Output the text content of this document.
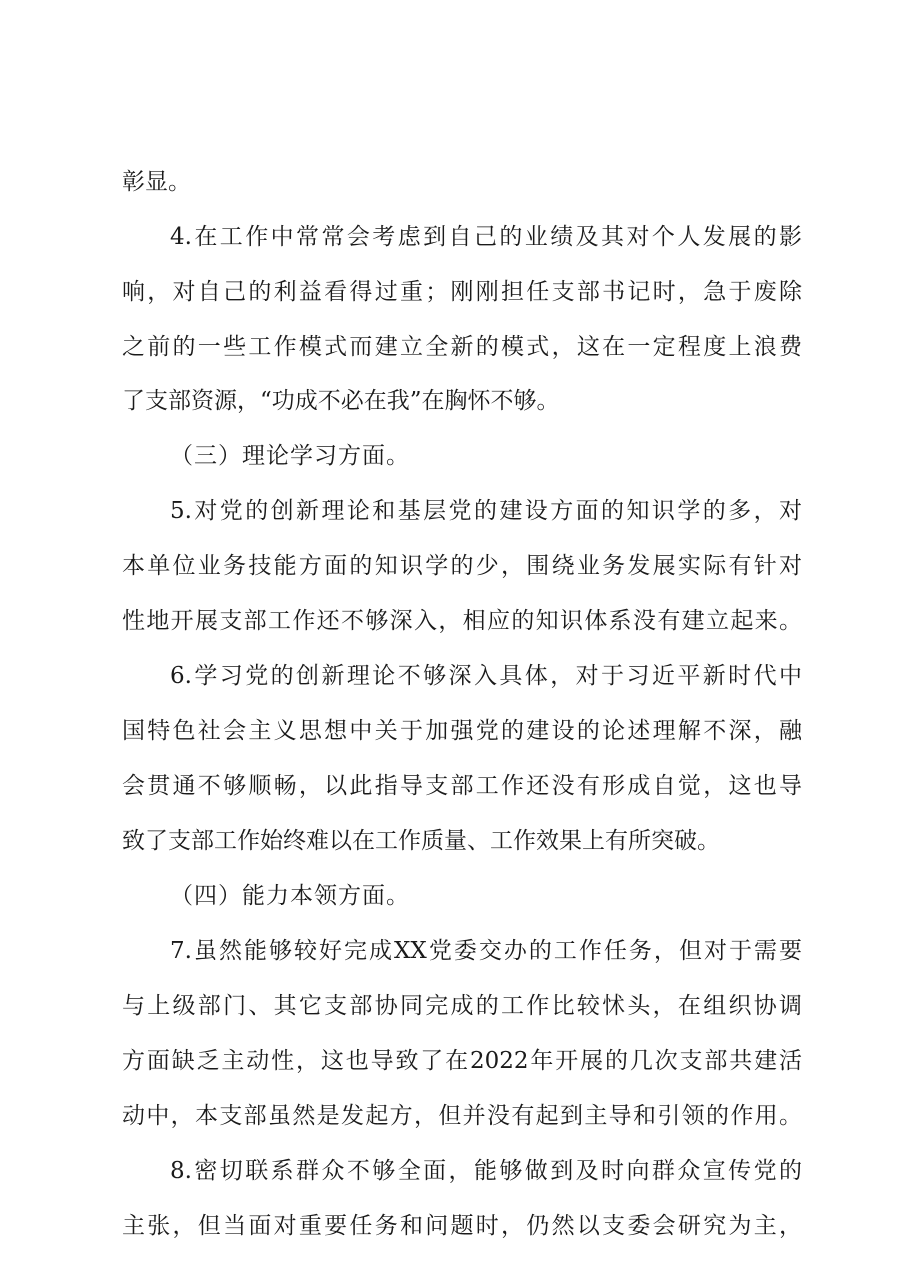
彰显。
4.在工作中常常会考虑到自己的业绩及其对个人发展的影
响，对自己的利益看得过重；刚刚担任支部书记时，急于废除
之前的一些工作模式而建立全新的模式，这在一定程度上浪费
了支部资源，“功成不必在我”在胸怀不够。
（三）理论学习方面。
5.对党的创新理论和基层党的建设方面的知识学的多，对
本单位业务技能方面的知识学的少，围绕业务发展实际有针对
性地开展支部工作还不够深入，相应的知识体系没有建立起来。
6.学习党的创新理论不够深入具体，对于习近平新时代中
国特色社会主义思想中关于加强党的建设的论述理解不深，融
会贯通不够顺畅，以此指导支部工作还没有形成自觉，这也导
致了支部工作始终难以在工作质量、工作效果上有所突破。
（四）能力本领方面。
7.虽然能够较好完成XX党委交办的工作任务，但对于需要
与上级部门、其它支部协同完成的工作比较怵头，在组织协调
方面缺乏主动性，这也导致了在2022年开展的几次支部共建活
动中，本支部虽然是发起方，但并没有起到主导和引领的作用。
8.密切联系群众不够全面，能够做到及时向群众宣传党的
主张，但当面对重要任务和问题时，仍然以支委会研究为主，
